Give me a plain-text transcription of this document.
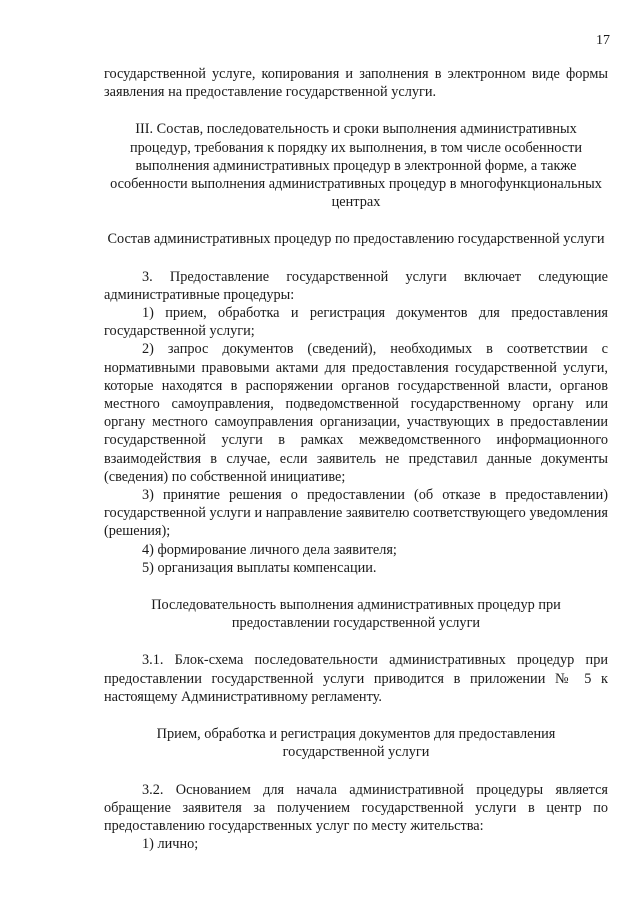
17

государственной услуге, копирования и заполнения в электронном виде формы заявления на предоставление государственной услуги.

III. Состав, последовательность и сроки выполнения административных процедур, требования к порядку их выполнения, в том числе особенности выполнения административных процедур в электронной форме, а также особенности выполнения административных процедур в многофункциональных центрах

Состав административных процедур по предоставлению государственной услуги

3. Предоставление государственной услуги включает следующие административные процедуры:

1) прием, обработка и регистрация документов для предоставления государственной услуги;

2) запрос документов (сведений), необходимых в соответствии с нормативными правовыми актами для предоставления государственной услуги, которые находятся в распоряжении органов государственной власти, органов местного самоуправления, подведомственной государственному органу или органу местного самоуправления организации, участвующих в предоставлении государственной услуги в рамках межведомственного информационного взаимодействия в случае, если заявитель не представил данные документы (сведения) по собственной инициативе;

3) принятие решения о предоставлении (об отказе в предоставлении) государственной услуги и направление заявителю соответствующего уведомления (решения);

4) формирование личного дела заявителя;

5) организация выплаты компенсации.

Последовательность выполнения административных процедур при предоставлении государственной услуги

3.1. Блок-схема последовательности административных процедур при предоставлении государственной услуги приводится в приложении № 5 к настоящему Административному регламенту.

Прием, обработка и регистрация документов для предоставления государственной услуги

3.2. Основанием для начала административной процедуры является обращение заявителя за получением государственной услуги в центр по предоставлению государственных услуг по месту жительства:

1) лично;
